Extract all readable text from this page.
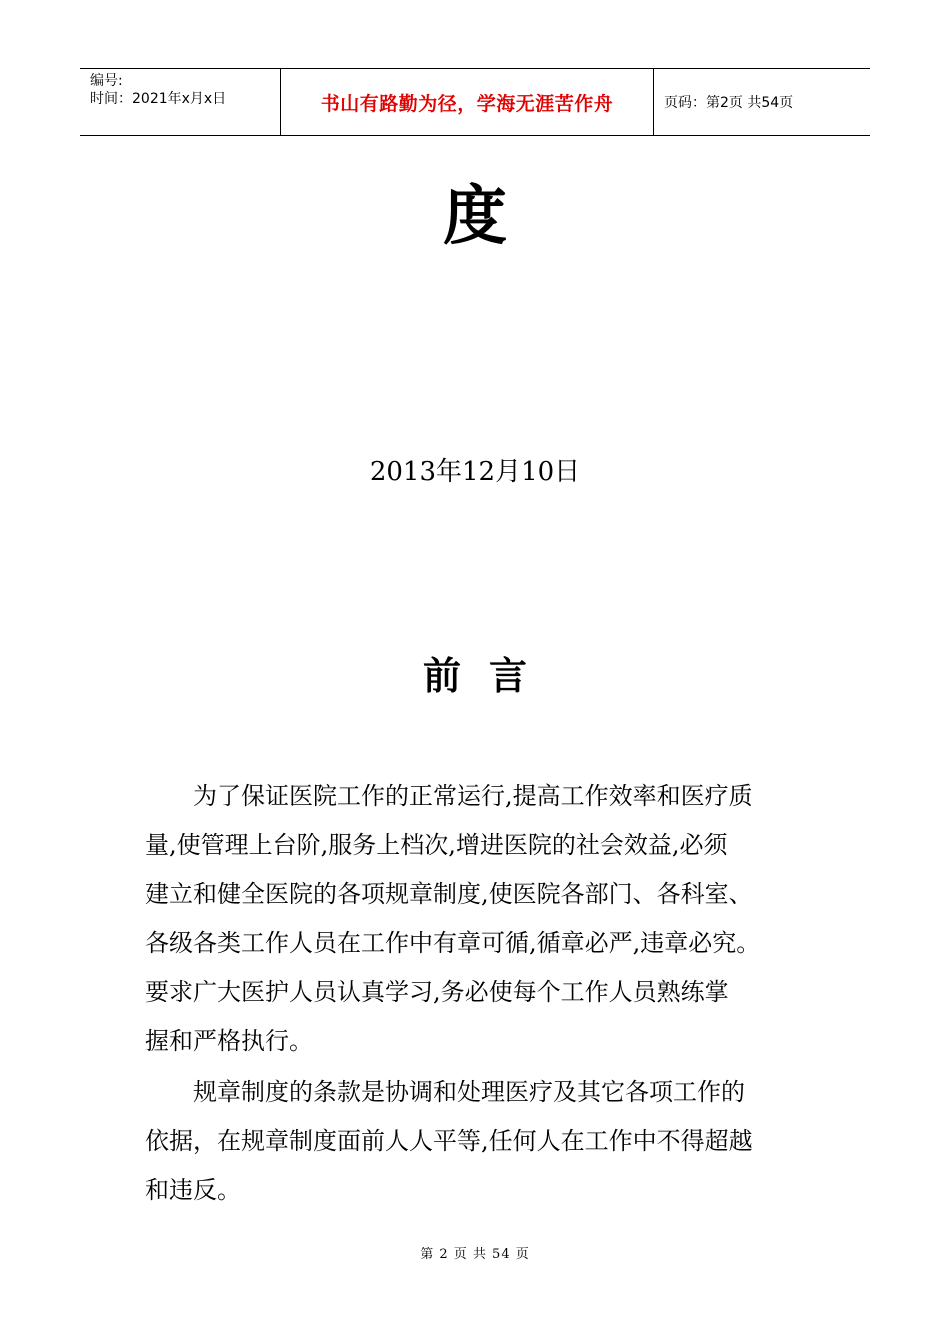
编号:
时间：2021年x月x日	书山有路勤为径，学海无涯苦作舟	页码：第2页 共54页
度
2013年12月10日
前言

　　为了保证医院工作的正常运行,提高工作效率和医疗质
量,使管理上台阶,服务上档次,增进医院的社会效益,必须
建立和健全医院的各项规章制度,使医院各部门、各科室、
各级各类工作人员在工作中有章可循,循章必严,违章必究。
要求广大医护人员认真学习,务必使每个工作人员熟练掌
握和严格执行。

　　规章制度的条款是协调和处理医疗及其它各项工作的
依据，在规章制度面前人人平等,任何人在工作中不得超越
和违反。

第 2 页 共 54 页
